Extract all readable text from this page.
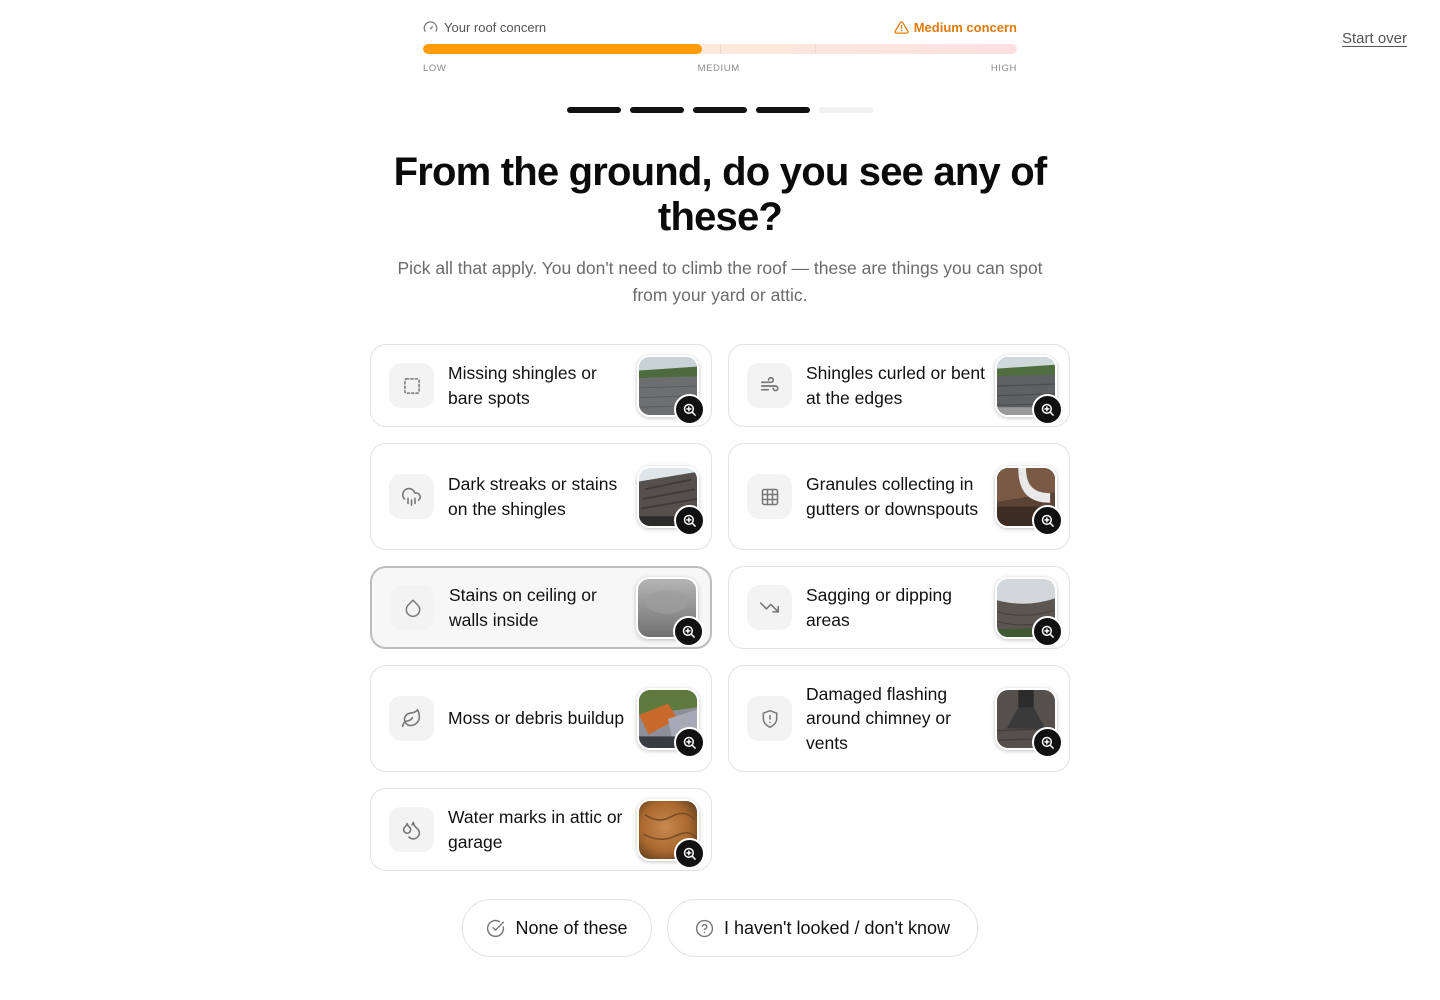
Start over
Your roof concern	Medium concern
LOW	MEDIUM	HIGH
From the ground, do you see any of these?

Pick all that apply. You don't need to climb the roof — these are things you can spot from your yard or attic.

Missing shingles or bare spots
Shingles curled or bent at the edges
Dark streaks or stains on the shingles
Granules collecting in gutters or downspouts
Stains on ceiling or walls inside
Sagging or dipping areas
Moss or debris buildup
Damaged flashing around chimney or vents
Water marks in attic or garage
None of these	I haven't looked / don't know
